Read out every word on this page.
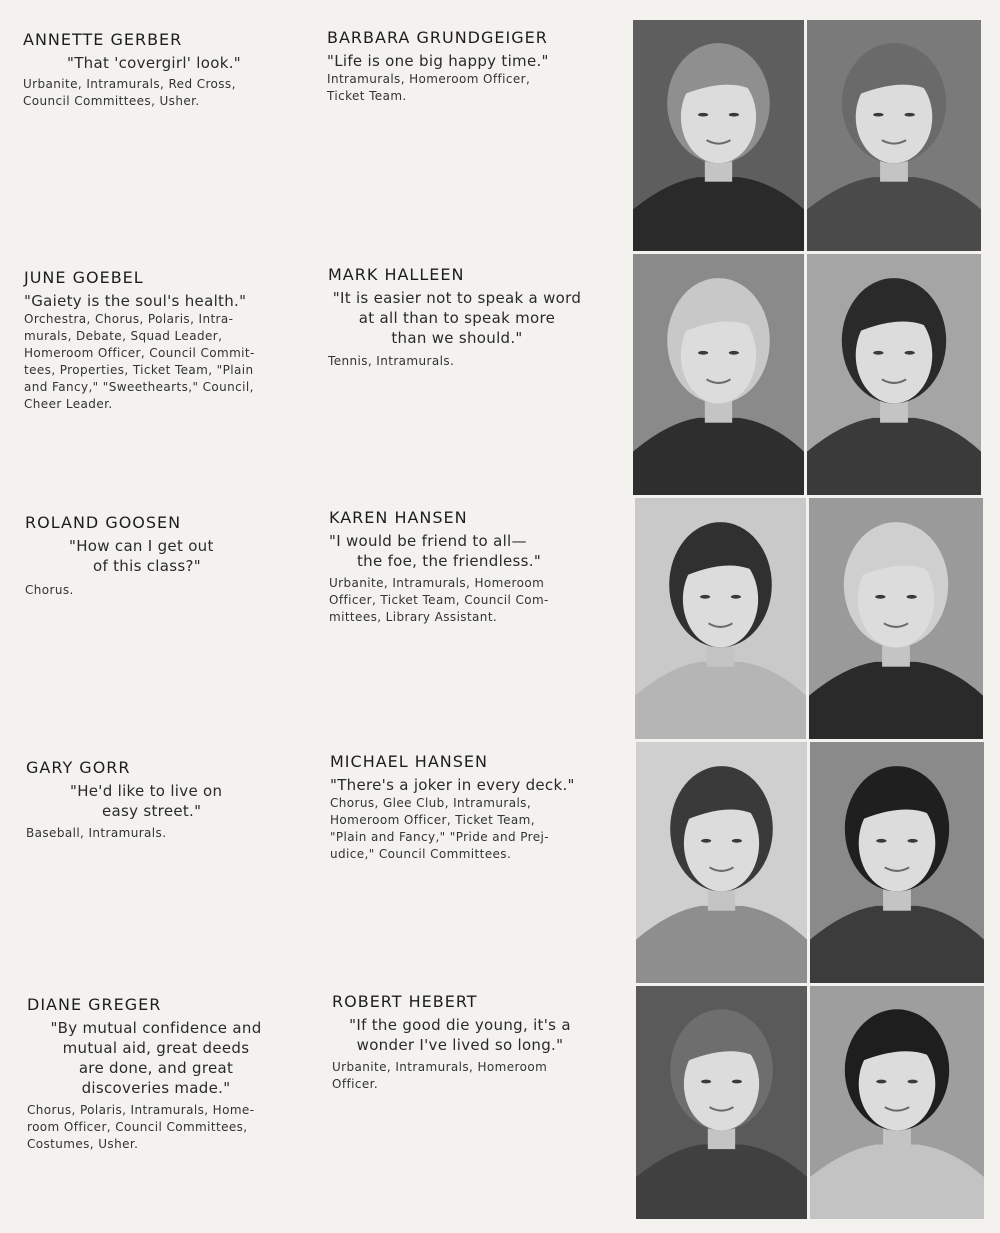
ANNETTE GERBER
"That 'covergirl' look."
Urbanite, Intramurals, Red Cross,
Council Committees, Usher.
BARBARA GRUNDGEIGER
"Life is one big happy time."
Intramurals, Homeroom Officer,
Ticket Team.
JUNE GOEBEL
"Gaiety is the soul's health."
Orchestra, Chorus, Polaris, Intra-
murals, Debate, Squad Leader,
Homeroom Officer, Council Commit-
tees, Properties, Ticket Team, "Plain
and Fancy," "Sweethearts," Council,
Cheer Leader.
MARK HALLEEN
"It is easier not to speak a word
at all than to speak more
than we should."
Tennis, Intramurals.
ROLAND GOOSEN
"How can I get out
of this class?"
Chorus.
KAREN HANSEN
"I would be friend to all—
the foe, the friendless."
Urbanite, Intramurals, Homeroom
Officer, Ticket Team, Council Com-
mittees, Library Assistant.
GARY GORR
"He'd like to live on
easy street."
Baseball, Intramurals.
MICHAEL HANSEN
"There's a joker in every deck."
Chorus, Glee Club, Intramurals,
Homeroom Officer, Ticket Team,
"Plain and Fancy," "Pride and Prej-
udice," Council Committees.
DIANE GREGER
"By mutual confidence and
mutual aid, great deeds
are done, and great
discoveries made."
Chorus, Polaris, Intramurals, Home-
room Officer, Council Committees,
Costumes, Usher.
ROBERT HEBERT
"If the good die young, it's a
wonder I've lived so long."
Urbanite, Intramurals, Homeroom
Officer.
